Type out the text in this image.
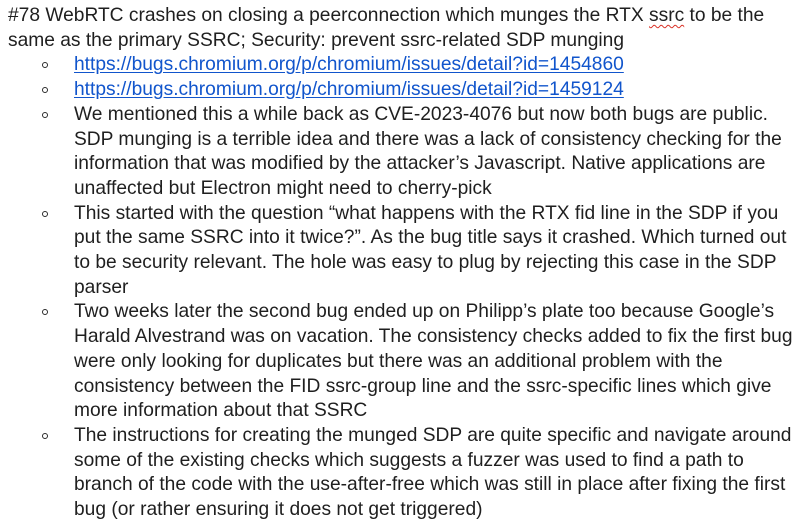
#78 WebRTC crashes on closing a peerconnection which munges the RTX ssrc to be the same as the primary SSRC; Security: prevent ssrc-related SDP munging

https://bugs.chromium.org/p/chromium/issues/detail?id=1454860
https://bugs.chromium.org/p/chromium/issues/detail?id=1459124
We mentioned this a while back as CVE-2023-4076 but now both bugs are public. SDP munging is a terrible idea and there was a lack of consistency checking for the information that was modified by the attacker’s Javascript. Native applications are unaffected but Electron might need to cherry-pick
This started with the question “what happens with the RTX fid line in the SDP if you put the same SSRC into it twice?”. As the bug title says it crashed. Which turned out to be security relevant. The hole was easy to plug by rejecting this case in the SDP parser
Two weeks later the second bug ended up on Philipp’s plate too because Google’s Harald Alvestrand was on vacation. The consistency checks added to fix the first bug were only looking for duplicates but there was an additional problem with the consistency between the FID ssrc-group line and the ssrc-specific lines which give more information about that SSRC
The instructions for creating the munged SDP are quite specific and navigate around some of the existing checks which suggests a fuzzer was used to find a path to branch of the code with the use-after-free which was still in place after fixing the first bug (or rather ensuring it does not get triggered)
